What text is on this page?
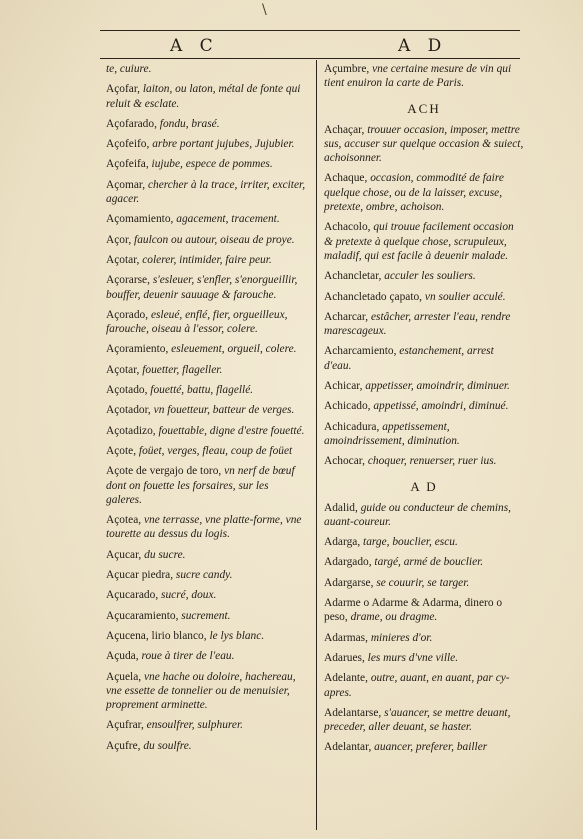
\
A C	A D
te, cuiure.
Açofar, laiton, ou laton, métal de fonte qui reluit & esclate.
Açofarado, fondu, brasé.
Açofeifo, arbre portant jujubes, Jujubier.
Açofeifa, iujube, espece de pommes.
Açomar, chercher à la trace, irriter, exciter, agacer.
Açomamiento, agacement, tracement.
Açor, faulcon ou autour, oiseau de proye.
Açotar, colerer, intimider, faire peur.
Açorarse, s'esleuer, s'enfler, s'enorgueillir, bouffer, deuenir sauuage & farouche.
Açorado, esleué, enflé, fier, orgueilleux, farouche, oiseau à l'essor, colere.
Açoramiento, esleuement, orgueil, colere.
Açotar, fouetter, flageller.
Açotado, fouetté, battu, flagellé.
Açotador, vn fouetteur, batteur de verges.
Açotadizo, fouettable, digne d'estre fouetté.
Açote, foüet, verges, fleau, coup de foüet
Açote de vergajo de toro, vn nerf de bœuf dont on fouette les forsaires, sur les galeres.
Açotea, vne terrasse, vne platte-forme, vne tourette au dessus du logis.
Açucar, du sucre.
Açucar piedra, sucre candy.
Açucarado, sucré, doux.
Açucaramiento, sucrement.
Açucena, lirio blanco, le lys blanc.
Açuda, roue à tirer de l'eau.
Açuela, vne hache ou doloire, hachereau, vne essette de tonnelier ou de menuisier, proprement arminette.
Açufrar, ensoulfrer, sulphurer.
Açufre, du soulfre.
Açumbre, vne certaine mesure de vin qui tient enuiron la carte de Paris.
ACH
Achaçar, trouuer occasion, imposer, mettre sus, accuser sur quelque occasion & suiect, achoisonner.
Achaque, occasion, commodité de faire quelque chose, ou de la laisser, excuse, pretexte, ombre, achoison.
Achacolo, qui trouue facilement occasion & pretexte à quelque chose, scrupuleux, maladif, qui est facile à deuenir malade.
Achancletar, acculer les souliers.
Achancletado çapato, vn soulier acculé.
Acharcar, estâcher, arrester l'eau, rendre marescageux.
Acharcamiento, estanchement, arrest d'eau.
Achicar, appetisser, amoindrir, diminuer.
Achicado, appetissé, amoindri, diminué.
Achicadura, appetissement, amoindrissement, diminution.
Achocar, choquer, renuerser, ruer ius.
A D
Adalid, guide ou conducteur de chemins, auant-coureur.
Adarga, targe, bouclier, escu.
Adargado, targé, armé de bouclier.
Adargarse, se couurir, se targer.
Adarme o Adarme & Adarma, dinero o peso, drame, ou dragme.
Adarmas, minieres d'or.
Adarues, les murs d'vne ville.
Adelante, outre, auant, en auant, par cy-apres.
Adelantarse, s'auancer, se mettre deuant, preceder, aller deuant, se haster.
Adelantar, auancer, preferer, bailler
